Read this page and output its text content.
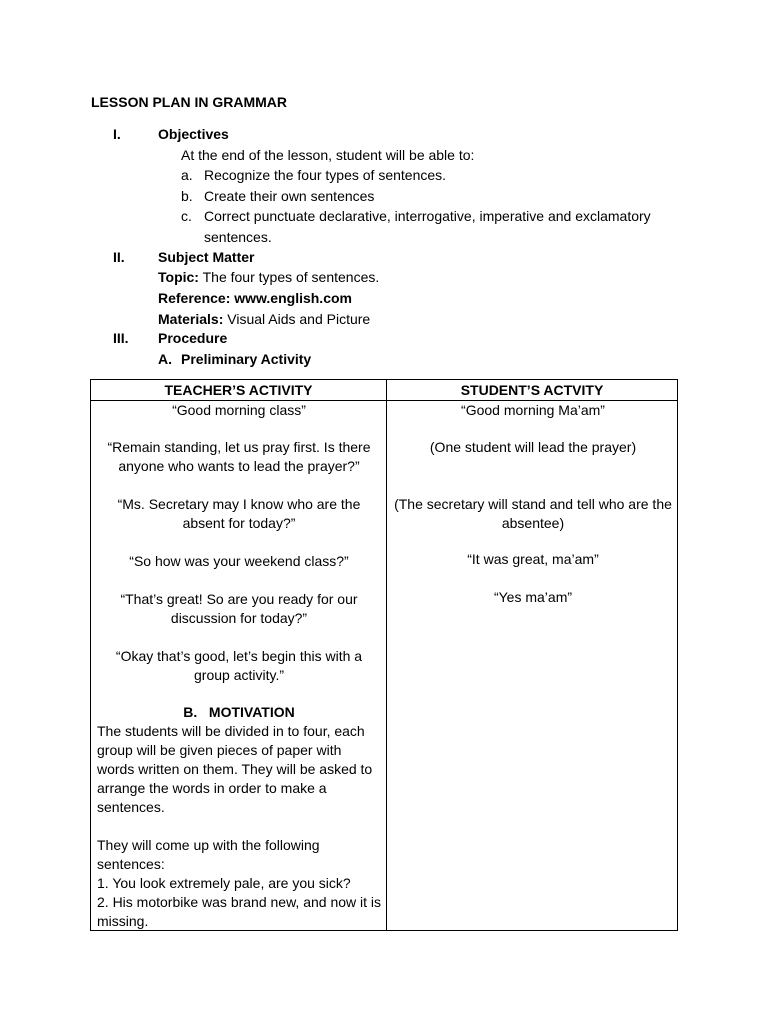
LESSON PLAN IN GRAMMAR
I.	Objectives
At the end of the lesson, student will be able to:
a. Recognize the four types of sentences.
b. Create their own sentences
c. Correct punctuate declarative, interrogative, imperative and exclamatory
sentences.
II. Subject Matter
Topic: The four types of sentences.
Reference: www.english.com
Materials: Visual Aids and Picture
III. Procedure
A. Preliminary Activity
TEACHER’S ACTIVITY	STUDENT’S ACTVITY
“Good morning class”
“Remain standing, let us pray first. Is there anyone who wants to lead the prayer?”
“Ms. Secretary may I know who are the absent for today?”
“So how was your weekend class?”
“That’s great! So are you ready for our discussion for today?”
“Okay that’s good, let’s begin this with a group activity.”
“Good morning Ma’am”
(One student will lead the prayer)
(The secretary will stand and tell who are the absentee)
“It was great, ma’am”
“Yes ma’am”
B. MOTIVATION
The students will be divided in to four, each
group will be given pieces of paper with
words written on them. They will be asked to
arrange the words in order to make a
sentences.
They will come up with the following
sentences:
1. You look extremely pale, are you sick?
2. His motorbike was brand new, and now it is
missing.
